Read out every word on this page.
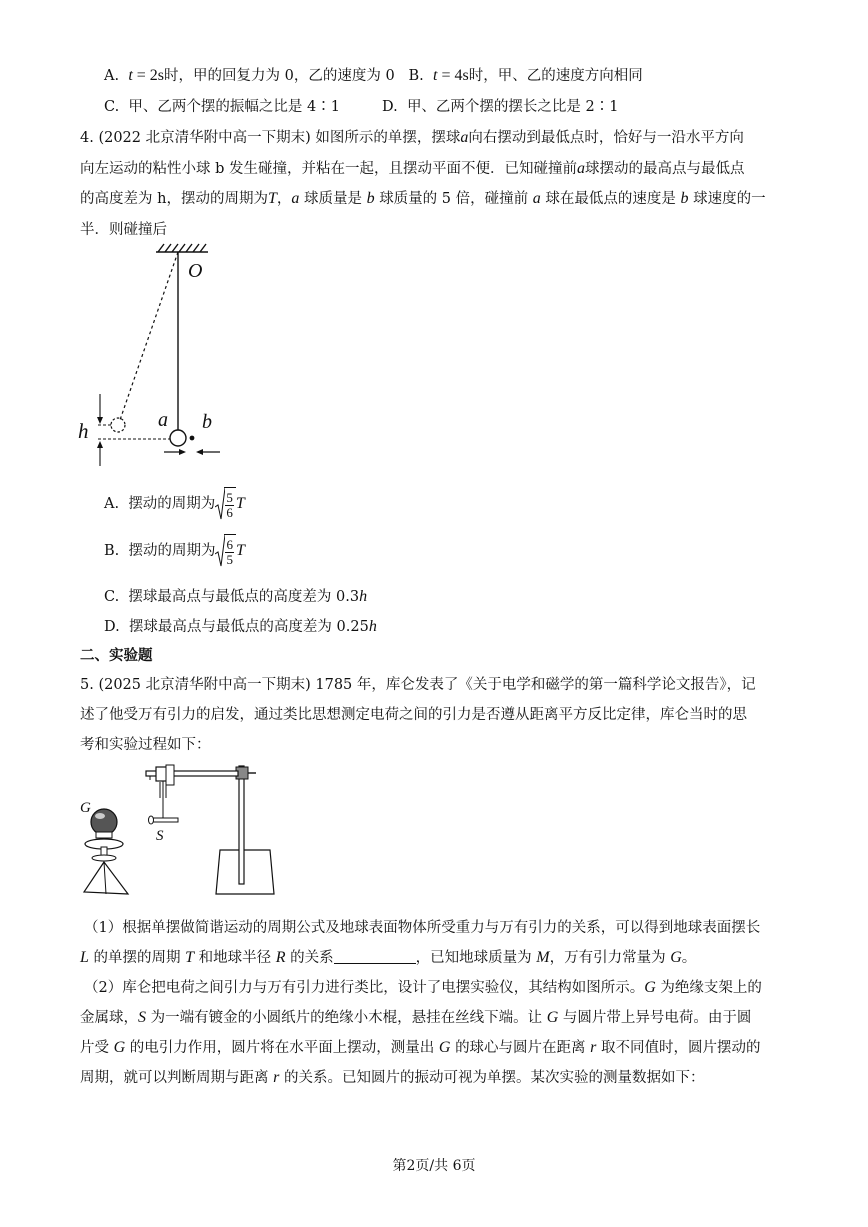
A. t = 2s时，甲的回复力为 0，乙的速度为 0 B. t = 4s时，甲、乙的速度方向相同
C. 甲、乙两个摆的振幅之比是 4∶1	D. 甲、乙两个摆的摆长之比是 2∶1
4. (2022 北京清华附中高一下期末) 如图所示的单摆，摆球a向右摆动到最低点时，恰好与一沿水平方向
向左运动的粘性小球 b 发生碰撞，并粘在一起，且摆动平面不便．已知碰撞前a球摆动的最高点与最低点
的高度差为 h，摆动的周期为T，a 球质量是 b 球质量的 5 倍，碰撞前 a 球在最低点的速度是 b 球速度的一
半．则碰撞后
O
a b
h
A. 摆动的周期为 $\frac{5}{6}$ T
B. 摆动的周期为 $\frac{6}{5}$ T
C. 摆球最高点与最低点的高度差为 0.3h
D. 摆球最高点与最低点的高度差为 0.25h
二、实验题
5. (2025 北京清华附中高一下期末) 1785 年，库仑发表了《关于电学和磁学的第一篇科学论文报告》，记
述了他受万有引力的启发，通过类比思想测定电荷之间的引力是否遵从距离平方反比定律，库仑当时的思
考和实验过程如下：
G
S
（1）根据单摆做简谐运动的周期公式及地球表面物体所受重力与万有引力的关系，可以得到地球表面摆长
L 的单摆的周期 T 和地球半径 R 的关系	，已知地球质量为 M，万有引力常量为 G。
（2）库仑把电荷之间引力与万有引力进行类比，设计了电摆实验仪，其结构如图所示。G 为绝缘支架上的
金属球，S 为一端有镀金的小圆纸片的绝缘小木棍，悬挂在丝线下端。让 G 与圆片带上异号电荷。由于圆
片受 G 的电引力作用，圆片将在水平面上摆动，测量出 G 的球心与圆片在距离 r 取不同值时，圆片摆动的
周期，就可以判断周期与距离 r 的关系。已知圆片的振动可视为单摆。某次实验的测量数据如下：
第2页/共 6页
